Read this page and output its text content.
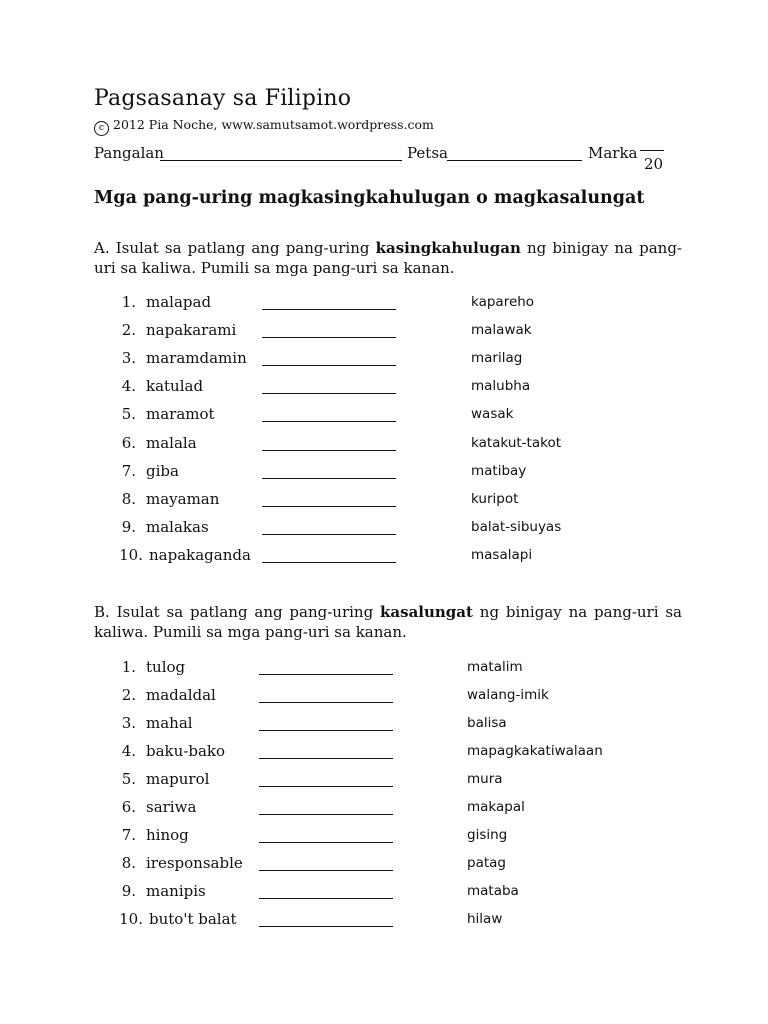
Pagsasanay sa Filipino
c 2012 Pia Noche, www.samutsamot.wordpress.com
Pangalan	Petsa	Marka
20
Mga pang-uring magkasingkahulugan o magkasalungat
A. Isulat sa patlang ang pang-uring kasingkahulugan ng binigay na pang-uri sa kaliwa. Pumili sa mga pang-uri sa kanan.
1. malapad	kapareho
2. napakarami	malawak
3. maramdamin	marilag
4. katulad	malubha
5. maramot	wasak
6. malala	katakut-takot
7. giba	matibay
8. mayaman	kuripot
9. malakas	balat-sibuyas
10. napakaganda	masalapi
B. Isulat sa patlang ang pang-uring kasalungat ng binigay na pang-uri sa kaliwa. Pumili sa mga pang-uri sa kanan.
1. tulog	matalim
2. madaldal	walang-imik
3. mahal	balisa
4. baku-bako	mapagkakatiwalaan
5. mapurol	mura
6. sariwa	makapal
7. hinog	gising
8. iresponsable	patag
9. manipis	mataba
10. buto't balat	hilaw
